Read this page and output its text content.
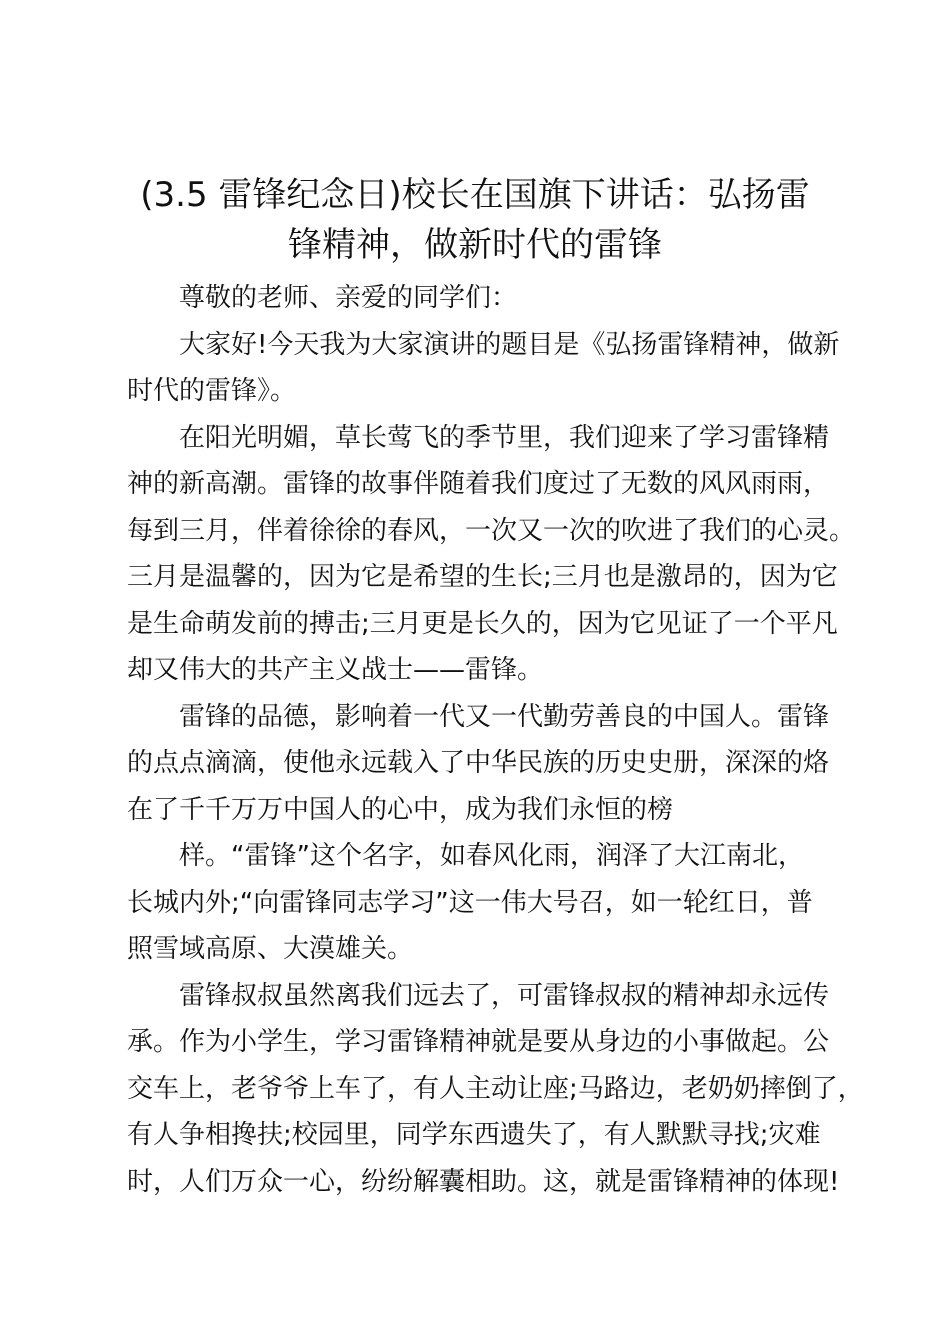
(3.5 雷锋纪念日)校长在国旗下讲话：弘扬雷
锋精神，做新时代的雷锋

尊敬的老师、亲爱的同学们：

大家好!今天我为大家演讲的题目是《弘扬雷锋精神，做新
时代的雷锋》。

在阳光明媚，草长莺飞的季节里，我们迎来了学习雷锋精
神的新高潮。雷锋的故事伴随着我们度过了无数的风风雨雨，
每到三月，伴着徐徐的春风，一次又一次的吹进了我们的心灵。
三月是温馨的，因为它是希望的生长;三月也是激昂的，因为它
是生命萌发前的搏击;三月更是长久的，因为它见证了一个平凡
却又伟大的共产主义战士——雷锋。

雷锋的品德，影响着一代又一代勤劳善良的中国人。雷锋
的点点滴滴，使他永远载入了中华民族的历史史册，深深的烙
在了千千万万中国人的心中，成为我们永恒的榜

样。“雷锋”这个名字，如春风化雨，润泽了大江南北，
长城内外;“向雷锋同志学习”这一伟大号召，如一轮红日，普
照雪域高原、大漠雄关。

雷锋叔叔虽然离我们远去了，可雷锋叔叔的精神却永远传
承。作为小学生，学习雷锋精神就是要从身边的小事做起。公
交车上，老爷爷上车了，有人主动让座;马路边，老奶奶摔倒了，
有人争相搀扶;校园里，同学东西遗失了，有人默默寻找;灾难
时，人们万众一心，纷纷解囊相助。这，就是雷锋精神的体现!
